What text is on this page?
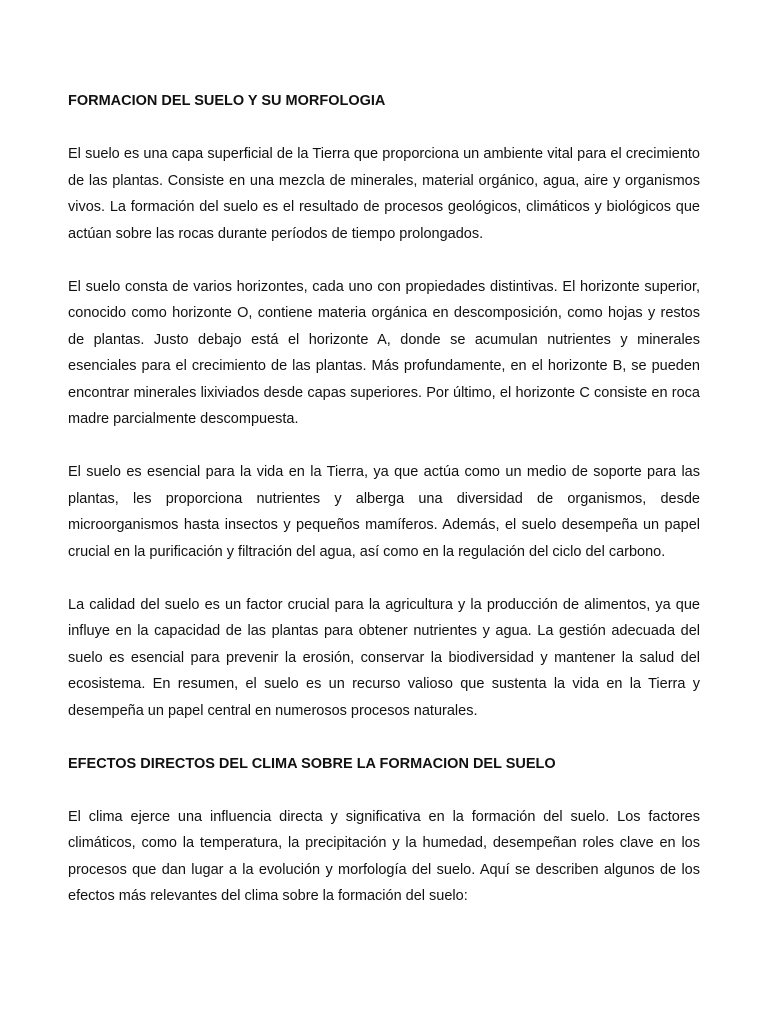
FORMACION DEL SUELO Y SU MORFOLOGIA

El suelo es una capa superficial de la Tierra que proporciona un ambiente vital para el crecimiento de las plantas. Consiste en una mezcla de minerales, material orgánico, agua, aire y organismos vivos. La formación del suelo es el resultado de procesos geológicos, climáticos y biológicos que actúan sobre las rocas durante períodos de tiempo prolongados.

El suelo consta de varios horizontes, cada uno con propiedades distintivas. El horizonte superior, conocido como horizonte O, contiene materia orgánica en descomposición, como hojas y restos de plantas. Justo debajo está el horizonte A, donde se acumulan nutrientes y minerales esenciales para el crecimiento de las plantas. Más profundamente, en el horizonte B, se pueden encontrar minerales lixiviados desde capas superiores. Por último, el horizonte C consiste en roca madre parcialmente descompuesta.

El suelo es esencial para la vida en la Tierra, ya que actúa como un medio de soporte para las plantas, les proporciona nutrientes y alberga una diversidad de organismos, desde microorganismos hasta insectos y pequeños mamíferos. Además, el suelo desempeña un papel crucial en la purificación y filtración del agua, así como en la regulación del ciclo del carbono.

La calidad del suelo es un factor crucial para la agricultura y la producción de alimentos, ya que influye en la capacidad de las plantas para obtener nutrientes y agua. La gestión adecuada del suelo es esencial para prevenir la erosión, conservar la biodiversidad y mantener la salud del ecosistema. En resumen, el suelo es un recurso valioso que sustenta la vida en la Tierra y desempeña un papel central en numerosos procesos naturales.

EFECTOS DIRECTOS DEL CLIMA SOBRE LA FORMACION DEL SUELO

El clima ejerce una influencia directa y significativa en la formación del suelo. Los factores climáticos, como la temperatura, la precipitación y la humedad, desempeñan roles clave en los procesos que dan lugar a la evolución y morfología del suelo. Aquí se describen algunos de los efectos más relevantes del clima sobre la formación del suelo:
